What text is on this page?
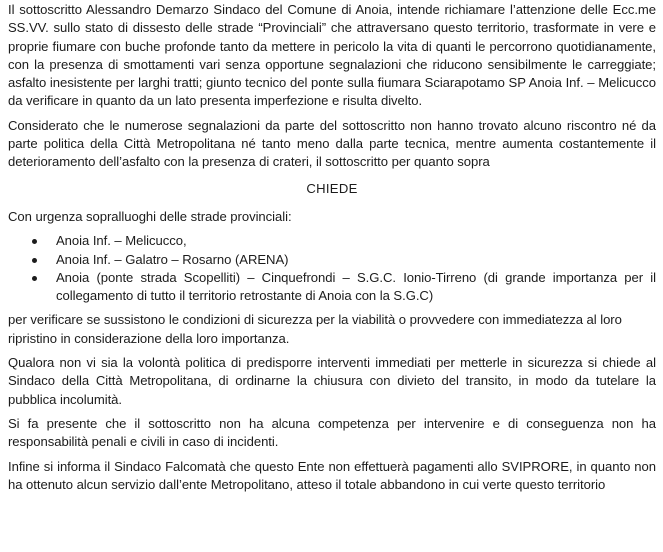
Il sottoscritto Alessandro Demarzo Sindaco del Comune di Anoia, intende richiamare l’attenzione delle Ecc.me SS.VV. sullo stato di dissesto delle strade “Provinciali” che attraversano questo territorio, trasformate in vere e proprie fiumare con buche profonde tanto da mettere in pericolo la vita di quanti le percorrono quotidianamente, con la presenza di smottamenti vari senza opportune segnalazioni che riducono sensibilmente le carreggiate; asfalto inesistente per larghi tratti; giunto tecnico del ponte sulla fiumara Sciarapotamo SP Anoia Inf. – Melicucco da verificare in quanto da un lato presenta imperfezione e risulta divelto.

Considerato che le numerose segnalazioni da parte del sottoscritto non hanno trovato alcuno riscontro né da parte politica della Città Metropolitana né tanto meno dalla parte tecnica, mentre aumenta costantemente il deterioramento dell’asfalto con la presenza di crateri, il sottoscritto per quanto sopra

CHIEDE

Con urgenza sopralluoghi delle strade provinciali:

Anoia Inf. – Melicucco,
Anoia Inf. – Galatro – Rosarno (ARENA)
Anoia (ponte strada Scopelliti) – Cinquefrondi – S.G.C. Ionio-Tirreno (di grande importanza per il collegamento di tutto il territorio retrostante di Anoia con la S.G.C)

per verificare se sussistono le condizioni di sicurezza per la viabilità o provvedere con immediatezza al loro ripristino in considerazione della loro importanza.

Qualora non vi sia la volontà politica di predisporre interventi immediati per metterle in sicurezza si chiede al Sindaco della Città Metropolitana, di ordinarne la chiusura con divieto del transito, in modo da tutelare la pubblica incolumità.

Si fa presente che il sottoscritto non ha alcuna competenza per intervenire e di conseguenza non ha responsabilità penali e civili in caso di incidenti.

Infine si informa il Sindaco Falcomatà che questo Ente non effettuerà pagamenti allo SVIPRORE, in quanto non ha ottenuto alcun servizio dall’ente Metropolitano, atteso il totale abbandono in cui verte questo territorio
